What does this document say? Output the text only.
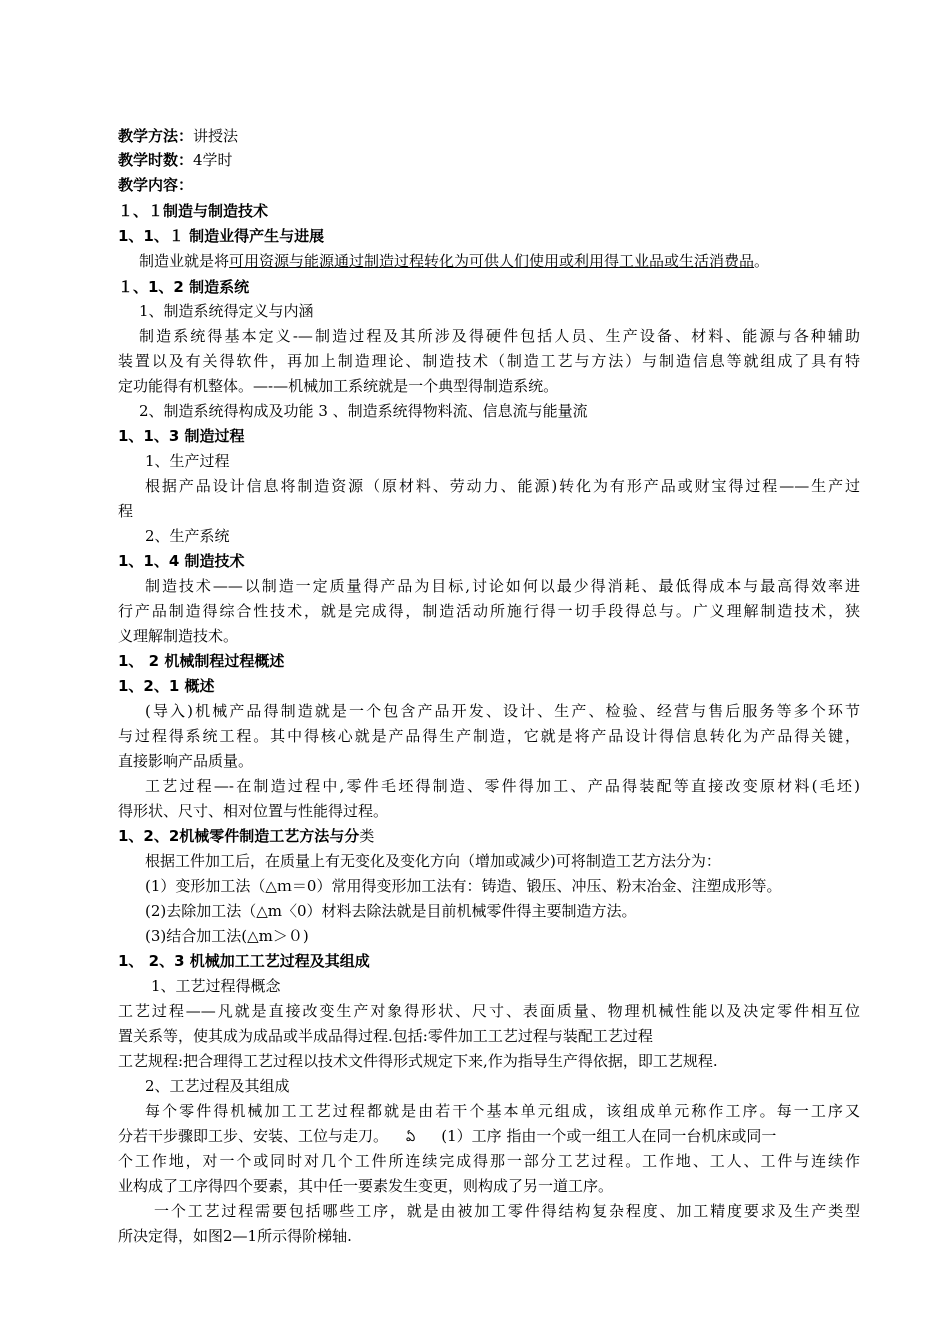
教学方法：讲授法
教学时数：4学时
教学内容：
１、１制造与制造技术
1、1、１ 制造业得产生与进展
制造业就是将可用资源与能源通过制造过程转化为可供人们使用或利用得工业品或生活消费品。
１、1、2 制造系统
1、制造系统得定义与内涵
制造系统得基本定义-—制造过程及其所涉及得硬件包括人员、生产设备、材料、能源与各种辅助
装置以及有关得软件，再加上制造理论、制造技术（制造工艺与方法）与制造信息等就组成了具有特
定功能得有机整体。—-—机械加工系统就是一个典型得制造系统。
2、制造系统得构成及功能 3 、制造系统得物料流、信息流与能量流
1、1、3 制造过程
1、生产过程
根据产品设计信息将制造资源（原材料、劳动力、能源)转化为有形产品或财宝得过程——生产过
程
2、生产系统
1、1、4 制造技术
制造技术——以制造一定质量得产品为目标,讨论如何以最少得消耗、最低得成本与最高得效率进
行产品制造得综合性技术，就是完成得，制造活动所施行得一切手段得总与。广义理解制造技术，狭
义理解制造技术。
1、 2 机械制程过程概述
1、2、1 概述
(导入)机械产品得制造就是一个包含产品开发、设计、生产、检验、经营与售后服务等多个环节
与过程得系统工程。其中得核心就是产品得生产制造，它就是将产品设计得信息转化为产品得关键，
直接影响产品质量。
工艺过程—-在制造过程中,零件毛坯得制造、零件得加工、产品得装配等直接改变原材料(毛坯)
得形状、尺寸、相对位置与性能得过程。
1、2、2机械零件制造工艺方法与分类
根据工件加工后，在质量上有无变化及变化方向（增加或减少)可将制造工艺方法分为：
(1）变形加工法（△ｍ＝0）常用得变形加工法有：铸造、锻压、冲压、粉末冶金、注塑成形等。
(2)去除加工法（△m〈0）材料去除法就是目前机械零件得主要制造方法。
(3)结合加工法(△m＞０)
1、 2、3 机械加工工艺过程及其组成
1、工艺过程得概念
工艺过程——凡就是直接改变生产对象得形状、尺寸、表面质量、物理机械性能以及决定零件相互位
置关系等，使其成为成品或半成品得过程.包括:零件加工工艺过程与装配工艺过程
工艺规程:把合理得工艺过程以技术文件得形式规定下来,作为指导生产得依据，即工艺规程.
2、工艺过程及其组成
每个零件得机械加工工艺过程都就是由若干个基本单元组成，该组成单元称作工序。每一工序又
分若干步骤即工步、安装、工位与走刀。 ఏ (1）工序 指由一个或一组工人在同一台机床或同一
个工作地，对一个或同时对几个工件所连续完成得那一部分工艺过程。工作地、工人、工件与连续作
业构成了工序得四个要素，其中任一要素发生变更，则构成了另一道工序。
一个工艺过程需要包括哪些工序，就是由被加工零件得结构复杂程度、加工精度要求及生产类型
所决定得，如图2—1所示得阶梯轴.
